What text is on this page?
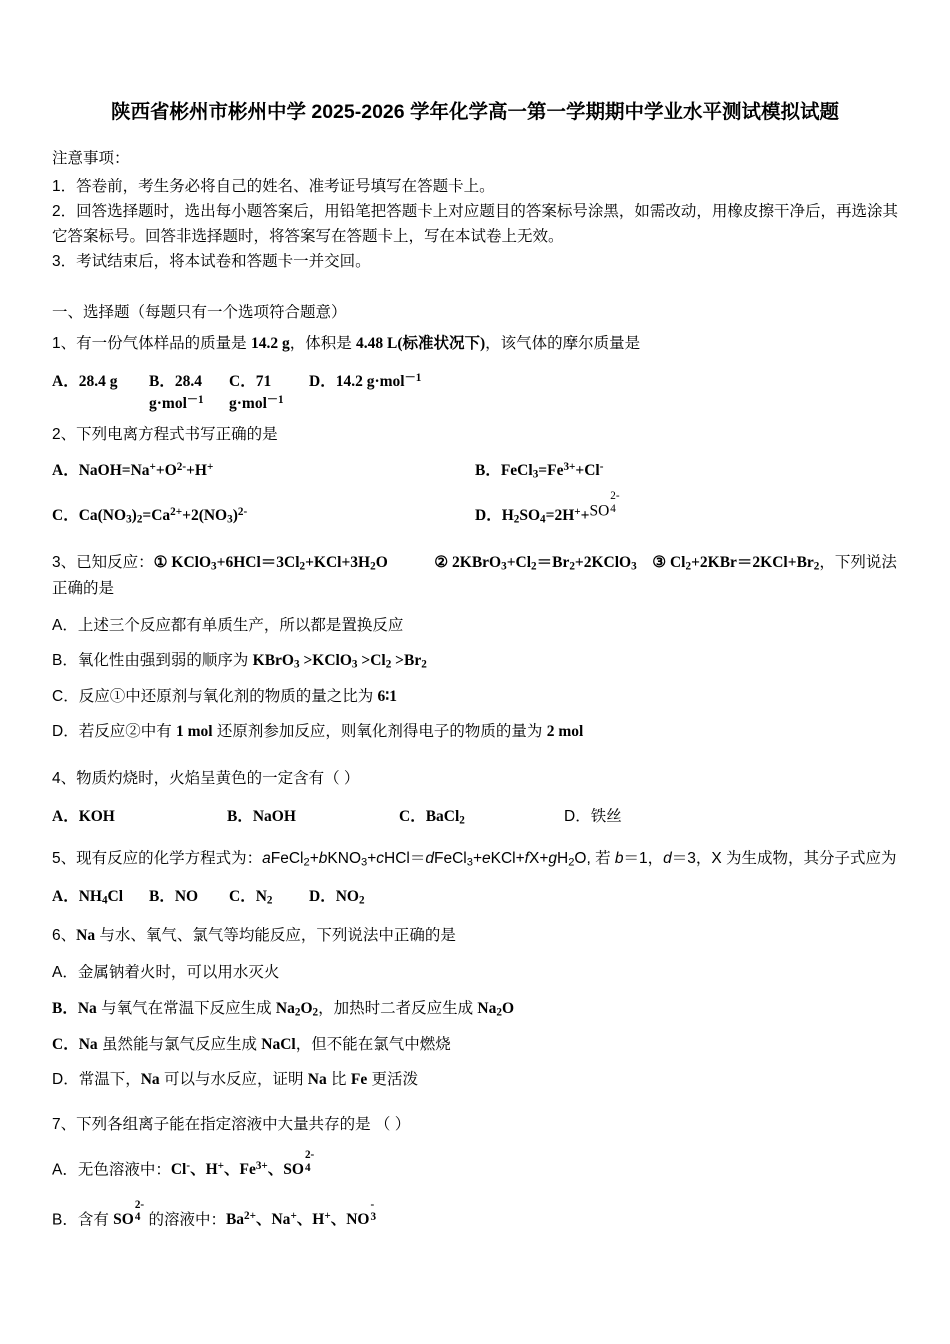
陕西省彬州市彬州中学 2025-2026 学年化学高一第一学期期中学业水平测试模拟试题
注意事项：
1．答卷前，考生务必将自己的姓名、准考证号填写在答题卡上。
2．回答选择题时，选出每小题答案后，用铅笔把答题卡上对应题目的答案标号涂黑，如需改动，用橡皮擦干净后，再选涂其它答案标号。回答非选择题时，将答案写在答题卡上，写在本试卷上无效。
3．考试结束后，将本试卷和答题卡一并交回。
一、选择题（每题只有一个选项符合题意）
1、有一份气体样品的质量是 14.2 g，体积是 4.48 L(标准状况下)，该气体的摩尔质量是
A．28.4 g	B．28.4 g·mol$^{-1}$
C．71 g·mol$^{-1}$
D．14.2 g·mol$^{-1}$
2、下列电离方程式书写正确的是
A．$NaOH=Na^++O^{2-}+H^+$	B．$FeCl_3=Fe^{3+}+Cl^-$
C．$Ca(NO_3)_2=Ca^{2+}+2(NO_3)^{2-}$	D．$H_2SO_4=2H^++SO$
2-
4
3、已知反应：① $KClO_3+6HCl=3Cl_2+KCl+3H_2O$　　　	② $2KBrO_3+Cl_2=Br_2+2KClO_3$　 ③ $Cl_2+2KBr=2KCl+Br_2$，下列说法正确的是
A．上述三个反应都有单质生产，所以都是置换反应
B．氧化性由强到弱的顺序为 KBrO$_3$ >KClO$_3$ $>Cl_2 >Br_2$
C．反应①中还原剂与氧化剂的物质的量之比为 6∶1
D．若反应②中有 1 mol 还原剂参加反应，则氧化剂得电子的物质的量为 2 mol
4、物质灼烧时，火焰呈黄色的一定含有（ ）
A．KOH	B．NaOH	C．BaCl$_2$	D．铁丝
5、现有反应的化学方程式为：$aFeCl_2+bKNO_3+cHCl=dFeCl_3+eKCl+fX+gH_2O$, 若 b＝1，d＝3，X 为生成物，其分子式应为
A．$NH_4Cl$	B．NO	C．$N_2$	D．$NO_2$
6、Na 与水、氧气、氯气等均能反应，下列说法中正确的是
A．金属钠着火时，可以用水灭火
B．Na 与氧气在常温下反应生成 $Na_2O_2$，加热时二者反应生成 $Na_2O$
C．Na 虽然能与氯气反应生成 NaCl，但不能在氯气中燃烧
D．常温下，Na 可以与水反应，证明 Na 比 Fe 更活泼
7、下列各组离子能在指定溶液中大量共存的是 （ ）
A．无色溶液中：Cl-、H+、$Fe^{3+}$、SO
2-
4
B．含有 SO
2-
4 的溶液中：$Ba^{2+}$、Na+、H+、NO
-
3
